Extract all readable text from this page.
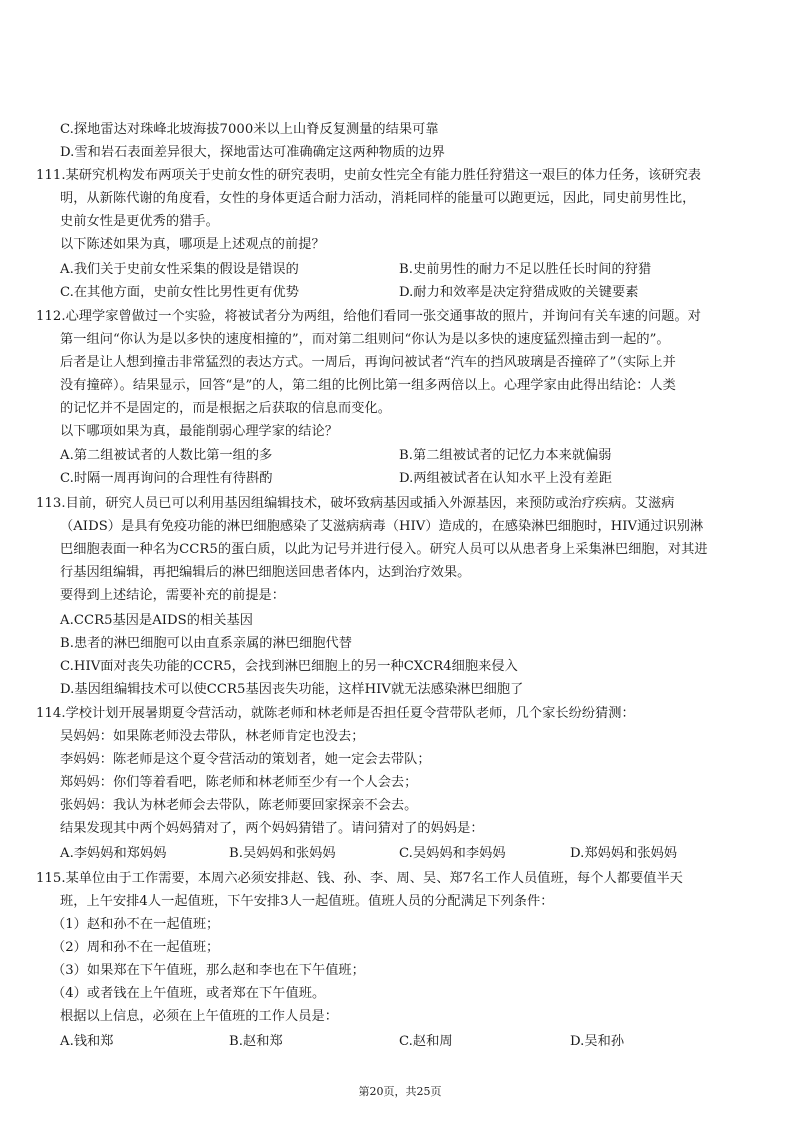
C.探地雷达对珠峰北坡海拔7000米以上山脊反复测量的结果可靠
D.雪和岩石表面差异很大，探地雷达可准确确定这两种物质的边界
111.某研究机构发布两项关于史前女性的研究表明，史前女性完全有能力胜任狩猎这一艰巨的体力任务，该研究表
明，从新陈代谢的角度看，女性的身体更适合耐力活动，消耗同样的能量可以跑更远，因此，同史前男性比，
史前女性是更优秀的猎手。
以下陈述如果为真，哪项是上述观点的前提？
A.我们关于史前女性采集的假设是错误的	B.史前男性的耐力不足以胜任长时间的狩猎
C.在其他方面，史前女性比男性更有优势	D.耐力和效率是决定狩猎成败的关键要素
112.心理学家曾做过一个实验，将被试者分为两组，给他们看同一张交通事故的照片，并询问有关车速的问题。对
第一组问“你认为是以多快的速度相撞的”，而对第二组则问“你认为是以多快的速度猛烈撞击到一起的”。
后者是让人想到撞击非常猛烈的表达方式。一周后，再询问被试者“汽车的挡风玻璃是否撞碎了”（实际上并
没有撞碎）。结果显示，回答“是”的人，第二组的比例比第一组多两倍以上。心理学家由此得出结论：人类
的记忆并不是固定的，而是根据之后获取的信息而变化。
以下哪项如果为真，最能削弱心理学家的结论？
A.第二组被试者的人数比第一组的多	B.第二组被试者的记忆力本来就偏弱
C.时隔一周再询问的合理性有待斟酌	D.两组被试者在认知水平上没有差距
113.目前，研究人员已可以利用基因组编辑技术，破坏致病基因或插入外源基因，来预防或治疗疾病。艾滋病
（AIDS）是具有免疫功能的淋巴细胞感染了艾滋病病毒（HIV）造成的，在感染淋巴细胞时，HIV通过识别淋
巴细胞表面一种名为CCR5的蛋白质，以此为记号并进行侵入。研究人员可以从患者身上采集淋巴细胞，对其进
行基因组编辑，再把编辑后的淋巴细胞送回患者体内，达到治疗效果。
要得到上述结论，需要补充的前提是：
A.CCR5基因是AIDS的相关基因
B.患者的淋巴细胞可以由直系亲属的淋巴细胞代替
C.HIV面对丧失功能的CCR5，会找到淋巴细胞上的另一种CXCR4细胞来侵入
D.基因组编辑技术可以使CCR5基因丧失功能，这样HIV就无法感染淋巴细胞了
114.学校计划开展暑期夏令营活动，就陈老师和林老师是否担任夏令营带队老师，几个家长纷纷猜测：
吴妈妈：如果陈老师没去带队，林老师肯定也没去；
李妈妈：陈老师是这个夏令营活动的策划者，她一定会去带队；
郑妈妈：你们等着看吧，陈老师和林老师至少有一个人会去；
张妈妈：我认为林老师会去带队，陈老师要回家探亲不会去。
结果发现其中两个妈妈猜对了，两个妈妈猜错了。请问猜对了的妈妈是：
A.李妈妈和郑妈妈	B.吴妈妈和张妈妈	C.吴妈妈和李妈妈	D.郑妈妈和张妈妈
115.某单位由于工作需要，本周六必须安排赵、钱、孙、李、周、吴、郑7名工作人员值班，每个人都要值半天
班，上午安排4人一起值班，下午安排3人一起值班。值班人员的分配满足下列条件：
（1）赵和孙不在一起值班；
（2）周和孙不在一起值班；
（3）如果郑在下午值班，那么赵和李也在下午值班；
（4）或者钱在上午值班，或者郑在下午值班。
根据以上信息，必须在上午值班的工作人员是：
A.钱和郑	B.赵和郑	C.赵和周	D.吴和孙
第20页，共25页
